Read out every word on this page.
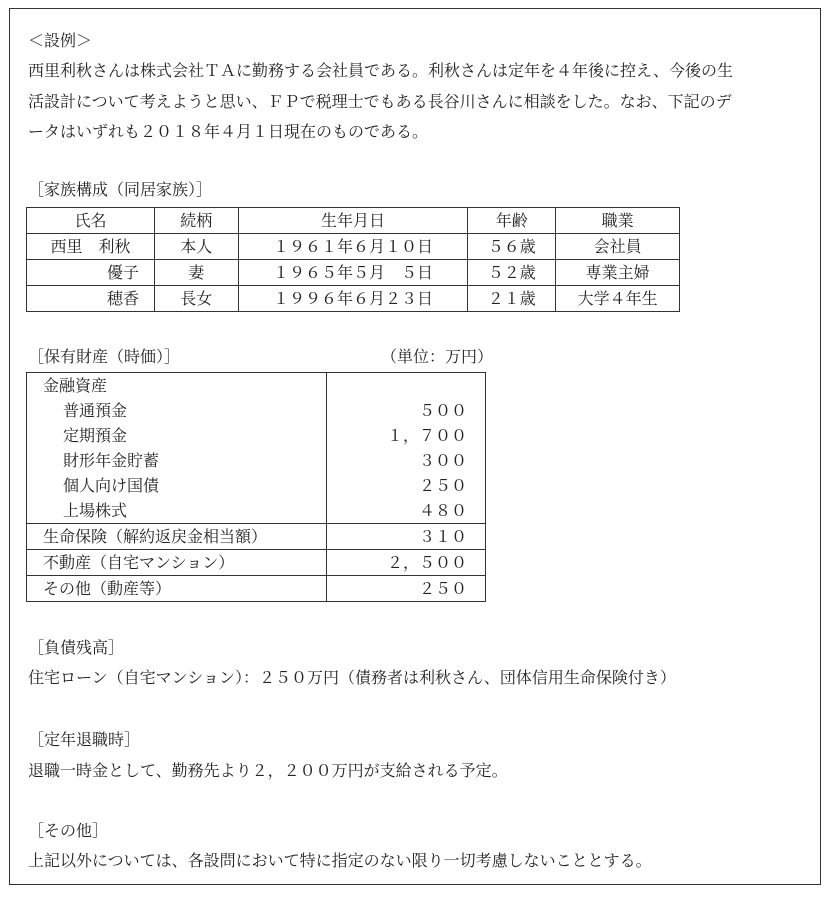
＜設例＞
西里利秋さんは株式会社ＴＡに勤務する会社員である。利秋さんは定年を４年後に控え、今後の生
活設計について考えようと思い、ＦＰで税理士でもある長谷川さんに相談をした。なお、下記のデ
ータはいずれも２０１８年４月１日現在のものである。
［家族構成（同居家族）］
氏名	続柄	生年月日	年齢	職業
西里　利秋	本人	１９６１年６月１０日	５６歳	会社員
優子	妻	１９６５年５月　５日	５２歳	専業主婦
穂香	長女	１９９６年６月２３日	２１歳	大学４年生
［保有財産（時価）］	（単位：万円）
金融資産	
普通預金	５００
定期預金	１，７００
財形年金貯蓄	３００
個人向け国債	２５０
上場株式	４８０
生命保険（解約返戻金相当額）	３１０
不動産（自宅マンション）	２，５００
その他（動産等）	２５０
［負債残高］
住宅ローン（自宅マンション）：２５０万円（債務者は利秋さん、団体信用生命保険付き）
［定年退職時］
退職一時金として、勤務先より２，２００万円が支給される予定。
［その他］
上記以外については、各設問において特に指定のない限り一切考慮しないこととする。
